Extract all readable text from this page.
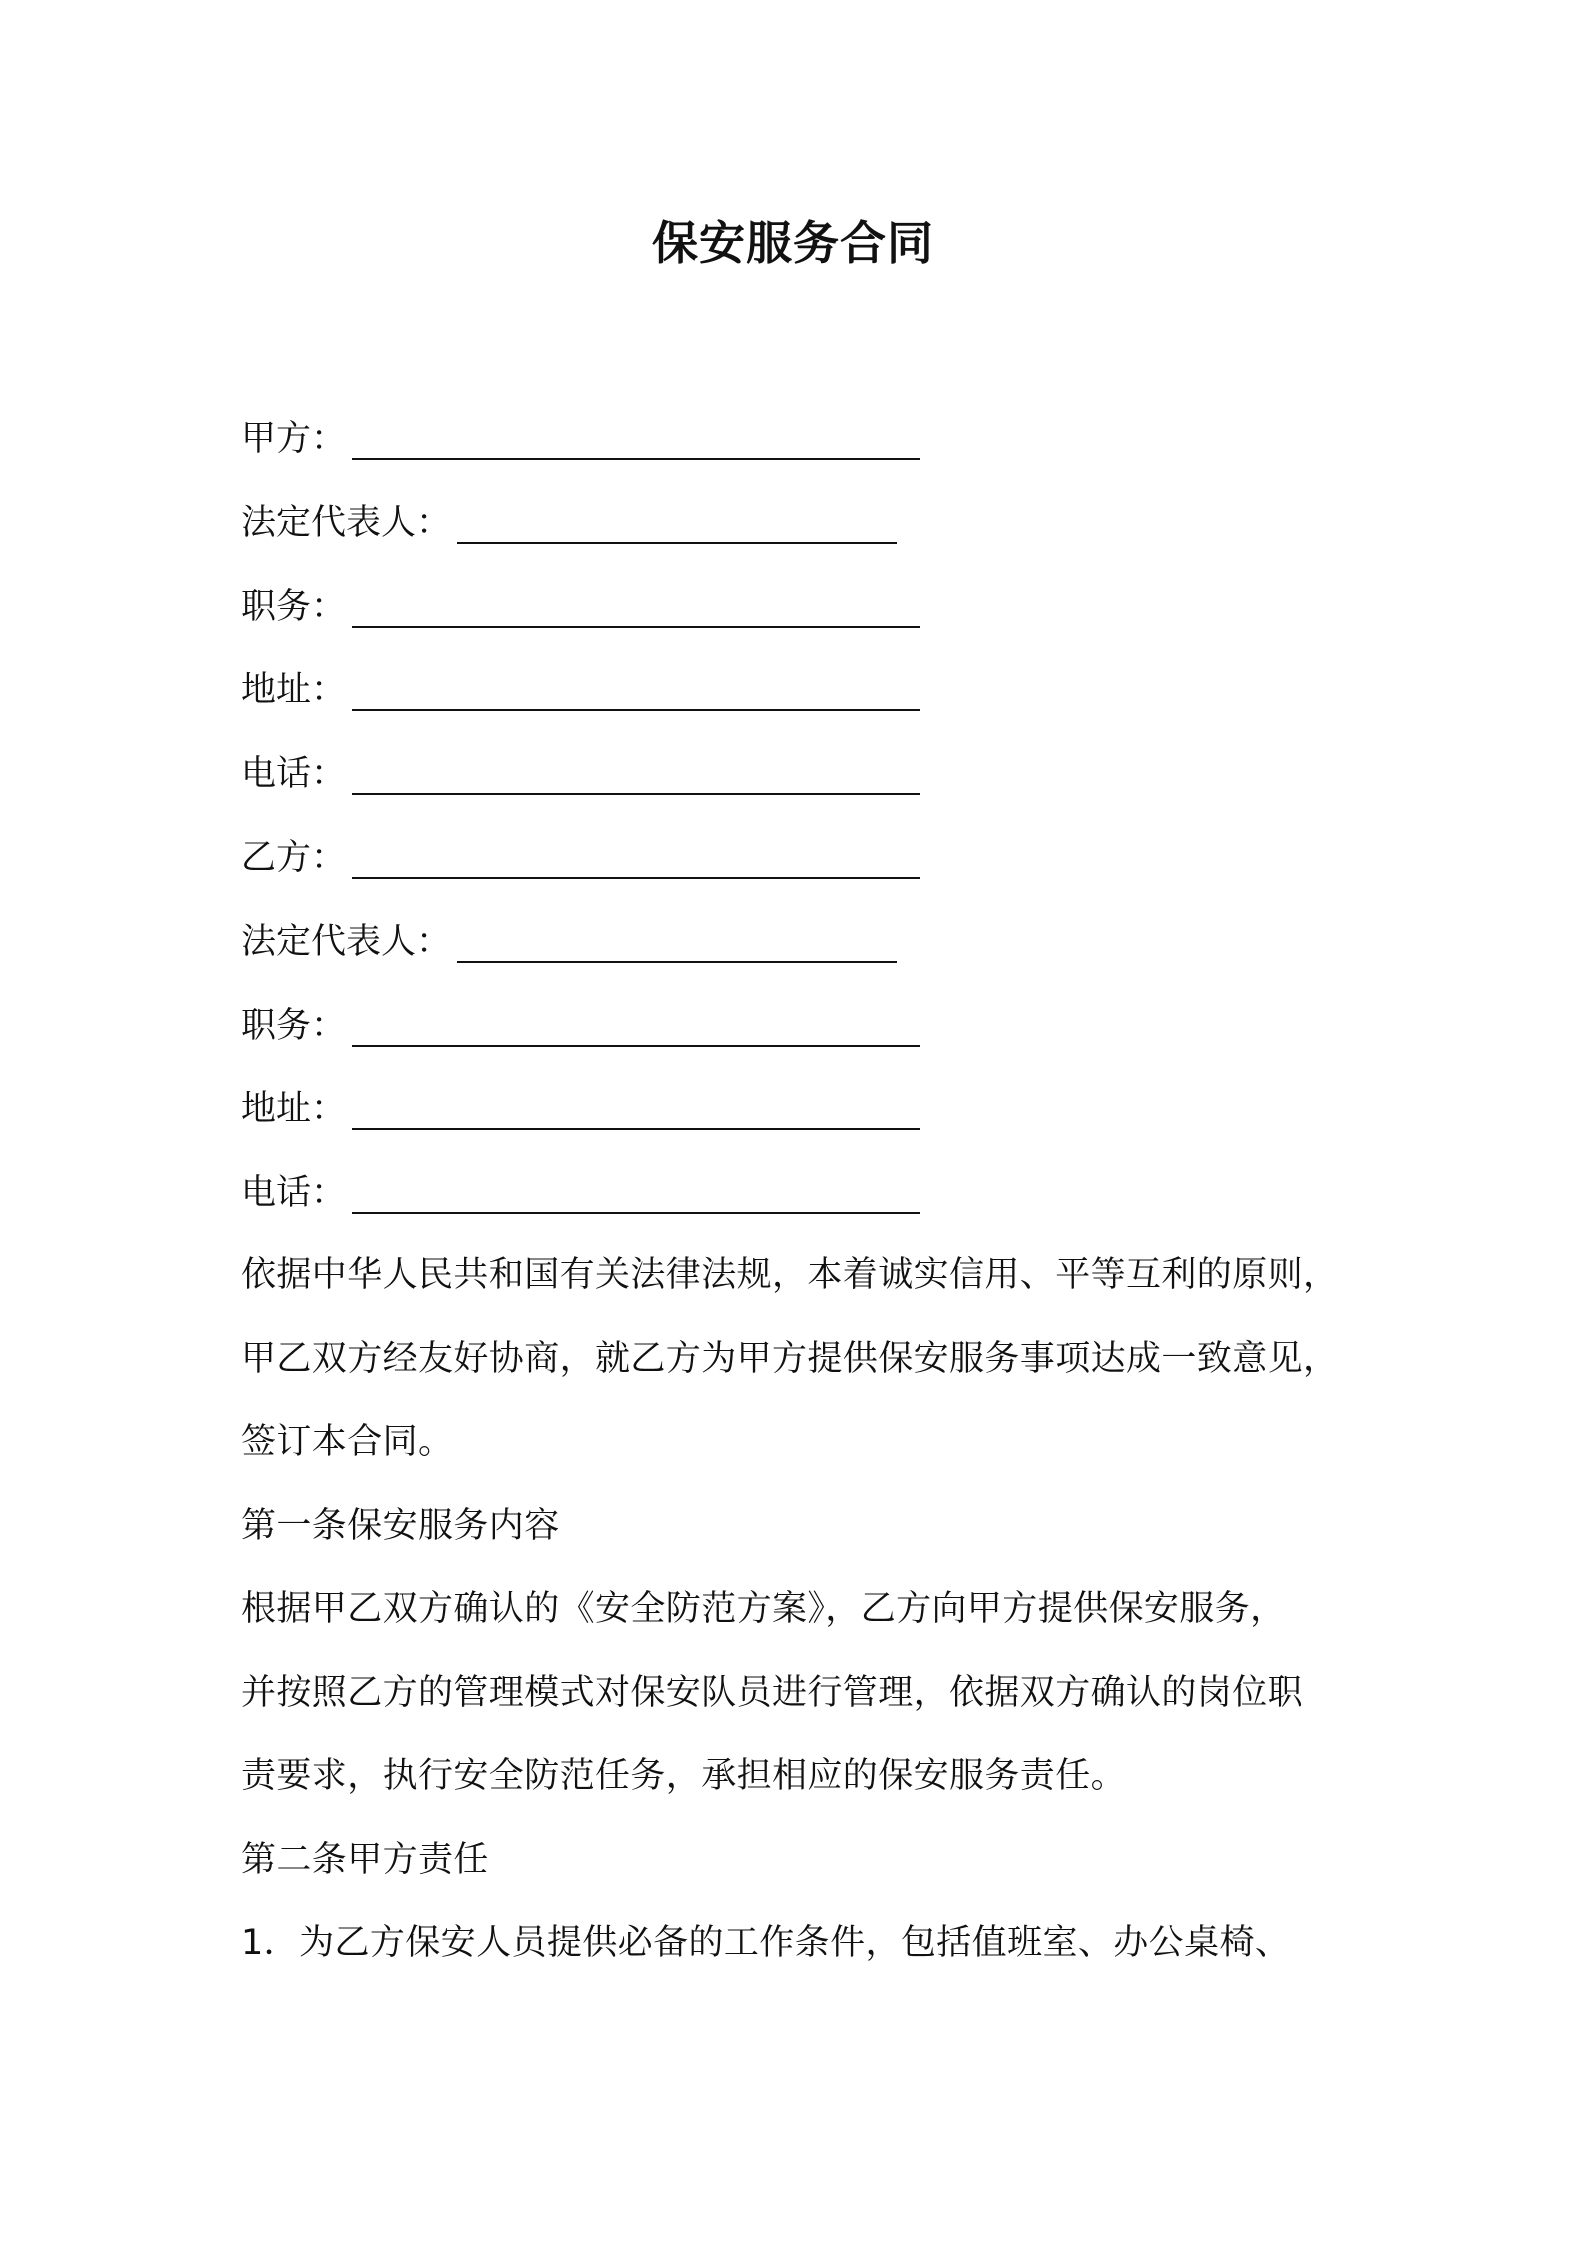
保安服务合同
甲方：
法定代表人：
职务：
地址：
电话：
乙方：
法定代表人：
职务：
地址：
电话：
依据中华人民共和国有关法律法规，本着诚实信用、平等互利的原则，
甲乙双方经友好协商，就乙方为甲方提供保安服务事项达成一致意见，
签订本合同。
第一条保安服务内容
根据甲乙双方确认的《安全防范方案》，乙方向甲方提供保安服务，
并按照乙方的管理模式对保安队员进行管理，依据双方确认的岗位职
责要求，执行安全防范任务，承担相应的保安服务责任。
第二条甲方责任
1．为乙方保安人员提供必备的工作条件，包括值班室、办公桌椅、
